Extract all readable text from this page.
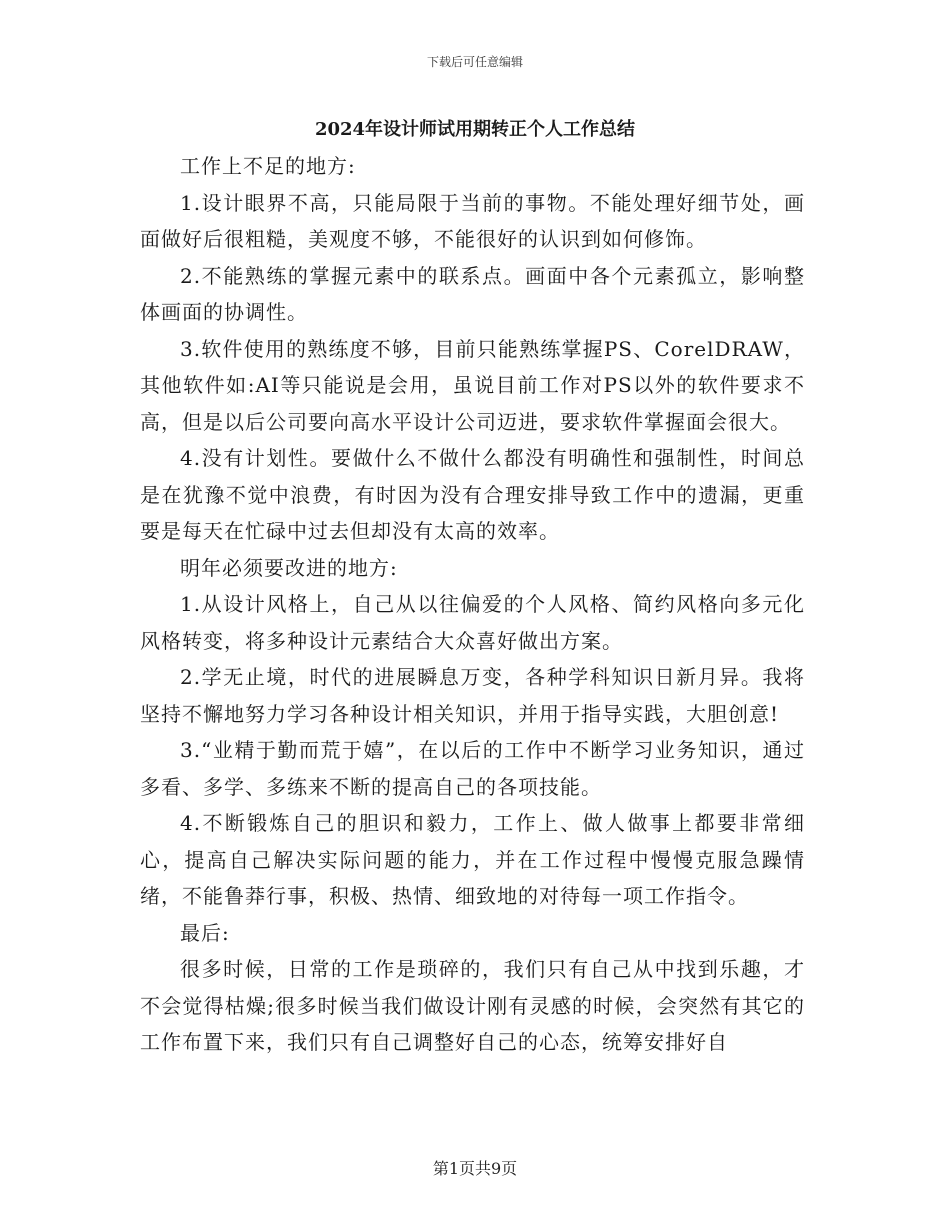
下载后可任意编辑
2024年设计师试用期转正个人工作总结

工作上不足的地方:

1.设计眼界不高，只能局限于当前的事物。不能处理好细节处，画面做好后很粗糙，美观度不够，不能很好的认识到如何修饰。

2.不能熟练的掌握元素中的联系点。画面中各个元素孤立，影响整体画面的协调性。

3.软件使用的熟练度不够，目前只能熟练掌握PS、CorelDRAW，其他软件如:AI等只能说是会用，虽说目前工作对PS以外的软件要求不高，但是以后公司要向高水平设计公司迈进，要求软件掌握面会很大。

4.没有计划性。要做什么不做什么都没有明确性和强制性，时间总是在犹豫不觉中浪费，有时因为没有合理安排导致工作中的遗漏，更重要是每天在忙碌中过去但却没有太高的效率。

明年必须要改进的地方:

1.从设计风格上，自己从以往偏爱的个人风格、简约风格向多元化风格转变，将多种设计元素结合大众喜好做出方案。

2.学无止境，时代的进展瞬息万变，各种学科知识日新月异。我将坚持不懈地努力学习各种设计相关知识，并用于指导实践，大胆创意!

3.“业精于勤而荒于嬉”，在以后的工作中不断学习业务知识，通过多看、多学、多练来不断的提高自己的各项技能。

4.不断锻炼自己的胆识和毅力，工作上、做人做事上都要非常细心，提高自己解决实际问题的能力，并在工作过程中慢慢克服急躁情绪，不能鲁莽行事，积极、热情、细致地的对待每一项工作指令。

最后:

很多时候，日常的工作是琐碎的，我们只有自己从中找到乐趣，才不会觉得枯燥;很多时候当我们做设计刚有灵感的时候，会突然有其它的工作布置下来，我们只有自己调整好自己的心态，统筹安排好自

第1页共9页
